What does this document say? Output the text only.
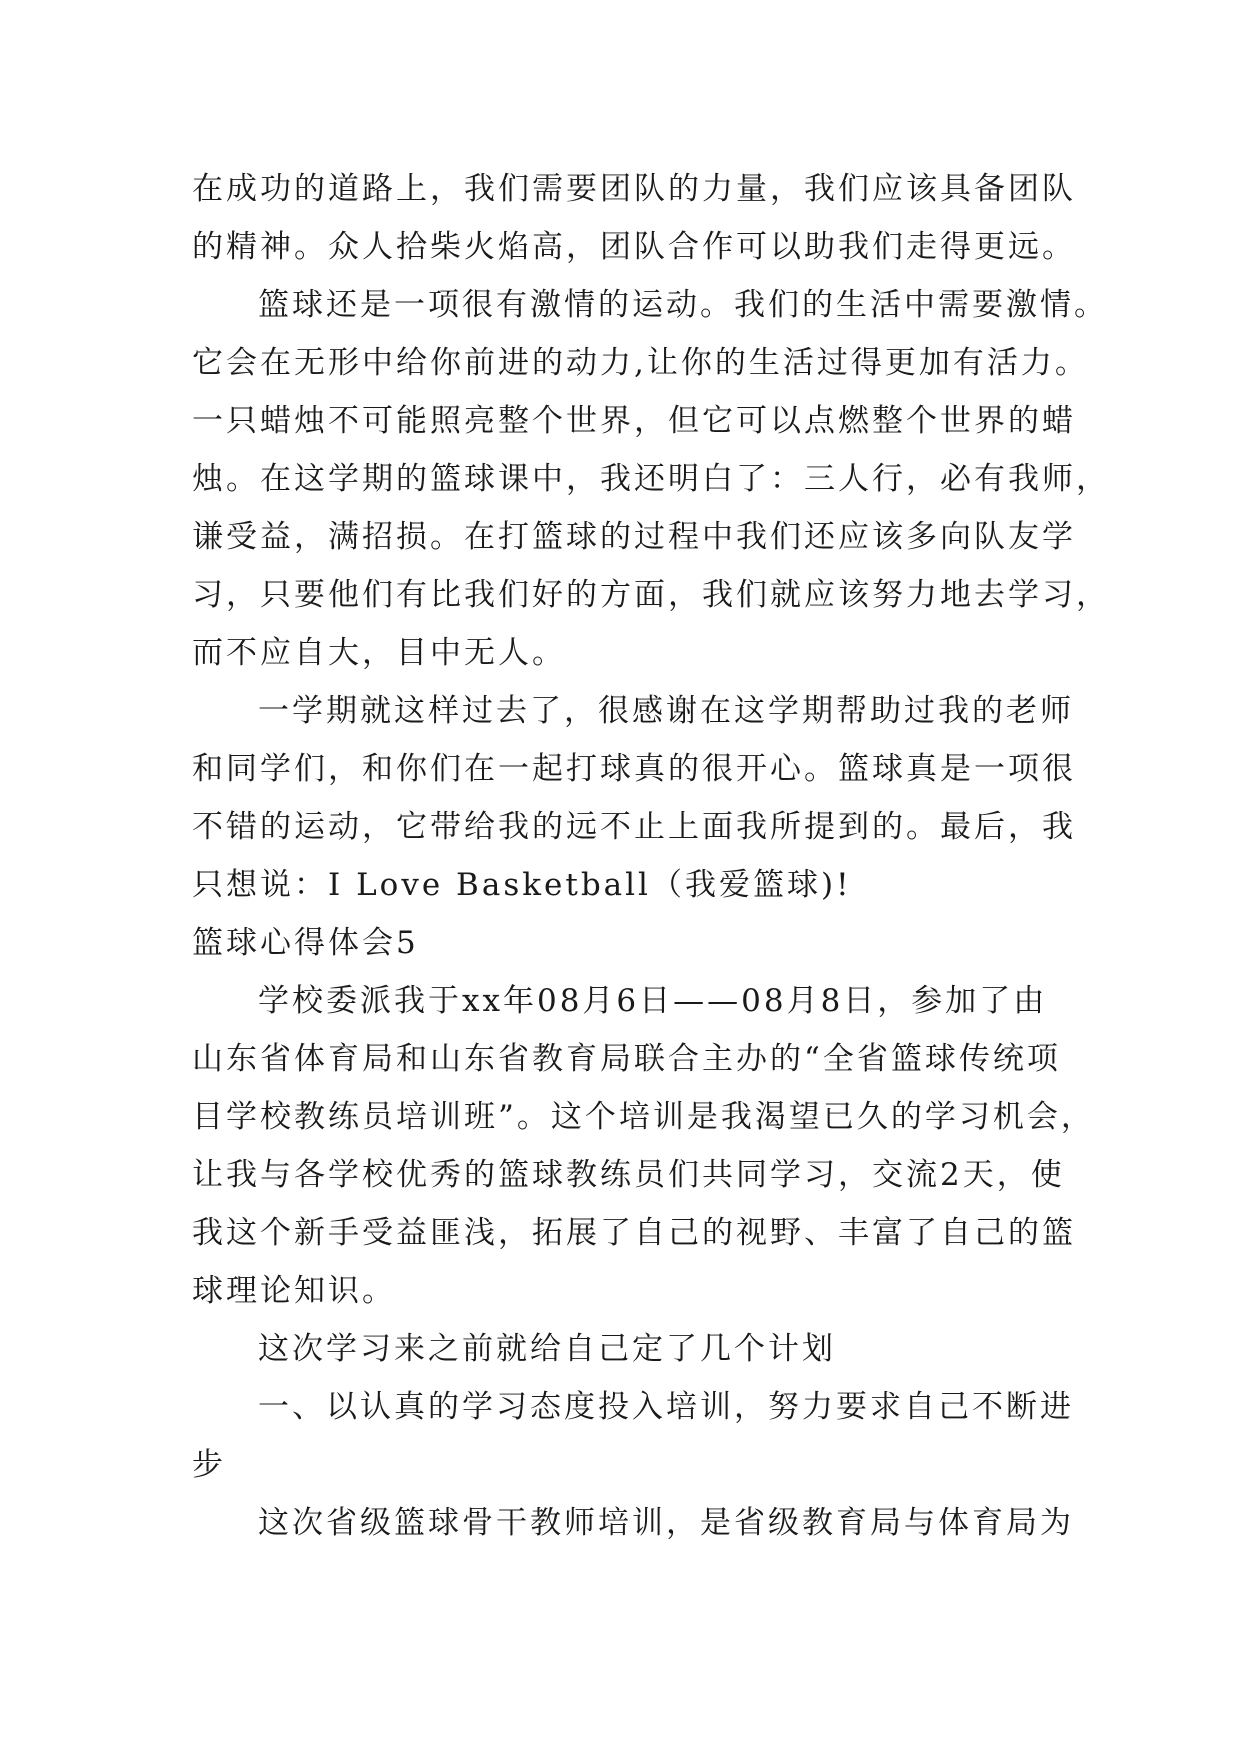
在成功的道路上，我们需要团队的力量，我们应该具备团队
的精神。众人拾柴火焰高，团队合作可以助我们走得更远。
篮球还是一项很有激情的运动。我们的生活中需要激情。
它会在无形中给你前进的动力,让你的生活过得更加有活力。
一只蜡烛不可能照亮整个世界，但它可以点燃整个世界的蜡
烛。在这学期的篮球课中，我还明白了：三人行，必有我师，
谦受益，满招损。在打篮球的过程中我们还应该多向队友学
习，只要他们有比我们好的方面，我们就应该努力地去学习，
而不应自大，目中无人。
一学期就这样过去了，很感谢在这学期帮助过我的老师
和同学们，和你们在一起打球真的很开心。篮球真是一项很
不错的运动，它带给我的远不止上面我所提到的。最后，我
只想说：I Love Basketball（我爱篮球)!
篮球心得体会5
学校委派我于xx年08月6日——08月8日，参加了由
山东省体育局和山东省教育局联合主办的“全省篮球传统项
目学校教练员培训班”。这个培训是我渴望已久的学习机会，
让我与各学校优秀的篮球教练员们共同学习，交流2天，使
我这个新手受益匪浅，拓展了自己的视野、丰富了自己的篮
球理论知识。
这次学习来之前就给自己定了几个计划
一、以认真的学习态度投入培训，努力要求自己不断进
步
这次省级篮球骨干教师培训，是省级教育局与体育局为
